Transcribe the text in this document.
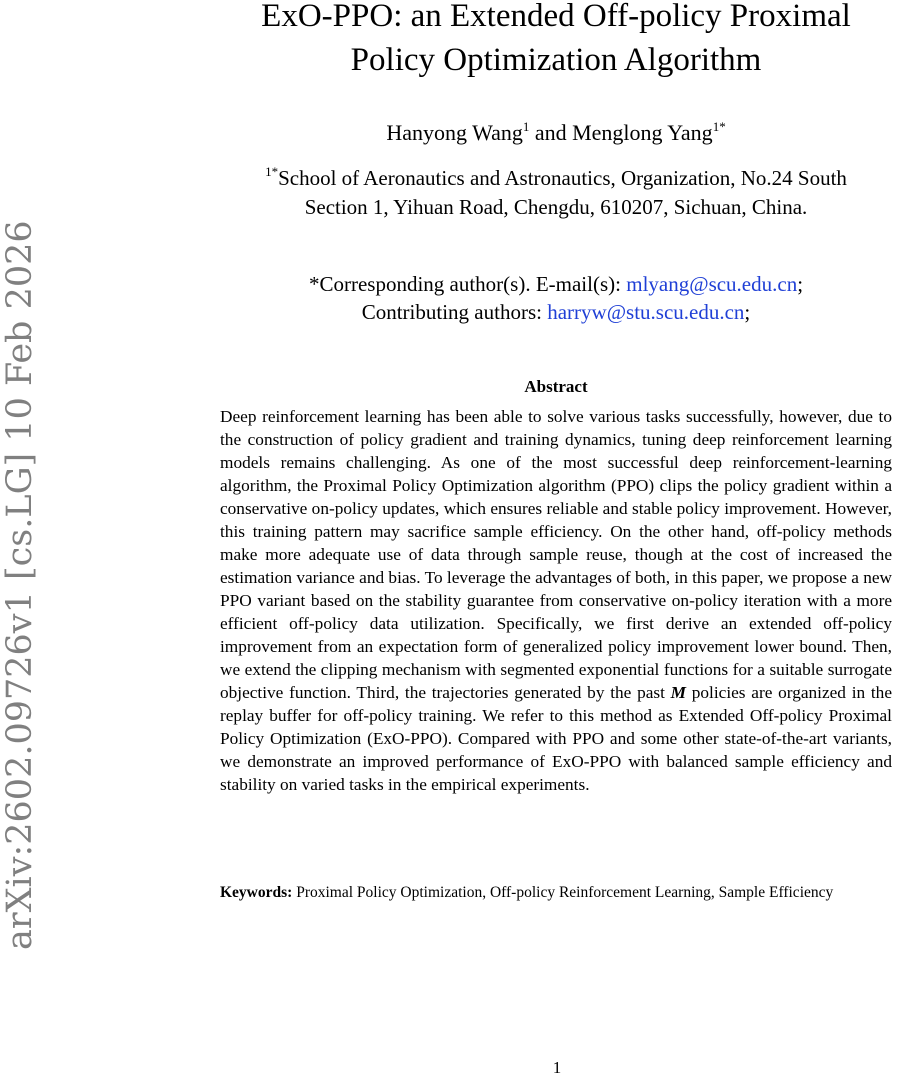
arXiv:2602.09726v1 [cs.LG] 10 Feb 2026
ExO-PPO: an Extended Off-policy Proximal
Policy Optimization Algorithm
Hanyong Wang$^1$ and Menglong Yang$^{1*}$
$^{1*}$School of Aeronautics and Astronautics, Organization, No.24 South
Section 1, Yihuan Road, Chengdu, 610207, Sichuan, China.
*Corresponding author(s). E-mail(s): mlyang@scu.edu.cn;
Contributing authors: harryw@stu.scu.edu.cn;
Abstract
Deep reinforcement learning has been able to solve various tasks successfully, however, due to the construction of policy gradient and training dynamics, tuning deep reinforcement learning models remains challenging. As one of the most successful deep reinforcement-learning algorithm, the Proximal Policy Optimization algorithm (PPO) clips the policy gradient within a conservative on-policy updates, which ensures reliable and stable policy improvement. However, this training pattern may sacrifice sample efficiency. On the other hand, off-policy methods make more adequate use of data through sample reuse, though at the cost of increased the estimation variance and bias. To leverage the advantages of both, in this paper, we propose a new PPO variant based on the stability guarantee from conservative on-policy iteration with a more efficient off-policy data utilization. Specifically, we first derive an extended off-policy improvement from an expectation form of generalized policy improvement lower bound. Then, we extend the clipping mechanism with segmented exponential functions for a suitable surrogate objective function. Third, the trajectories generated by the past M policies are organized in the replay buffer for off-policy training. We refer to this method as Extended Off-policy Proximal Policy Optimization (ExO-PPO). Compared with PPO and some other state-of-the-art variants, we demonstrate an improved performance of ExO-PPO with balanced sample efficiency and stability on varied tasks in the empirical experiments.
Keywords: Proximal Policy Optimization, Off-policy Reinforcement Learning, Sample Efficiency
1
